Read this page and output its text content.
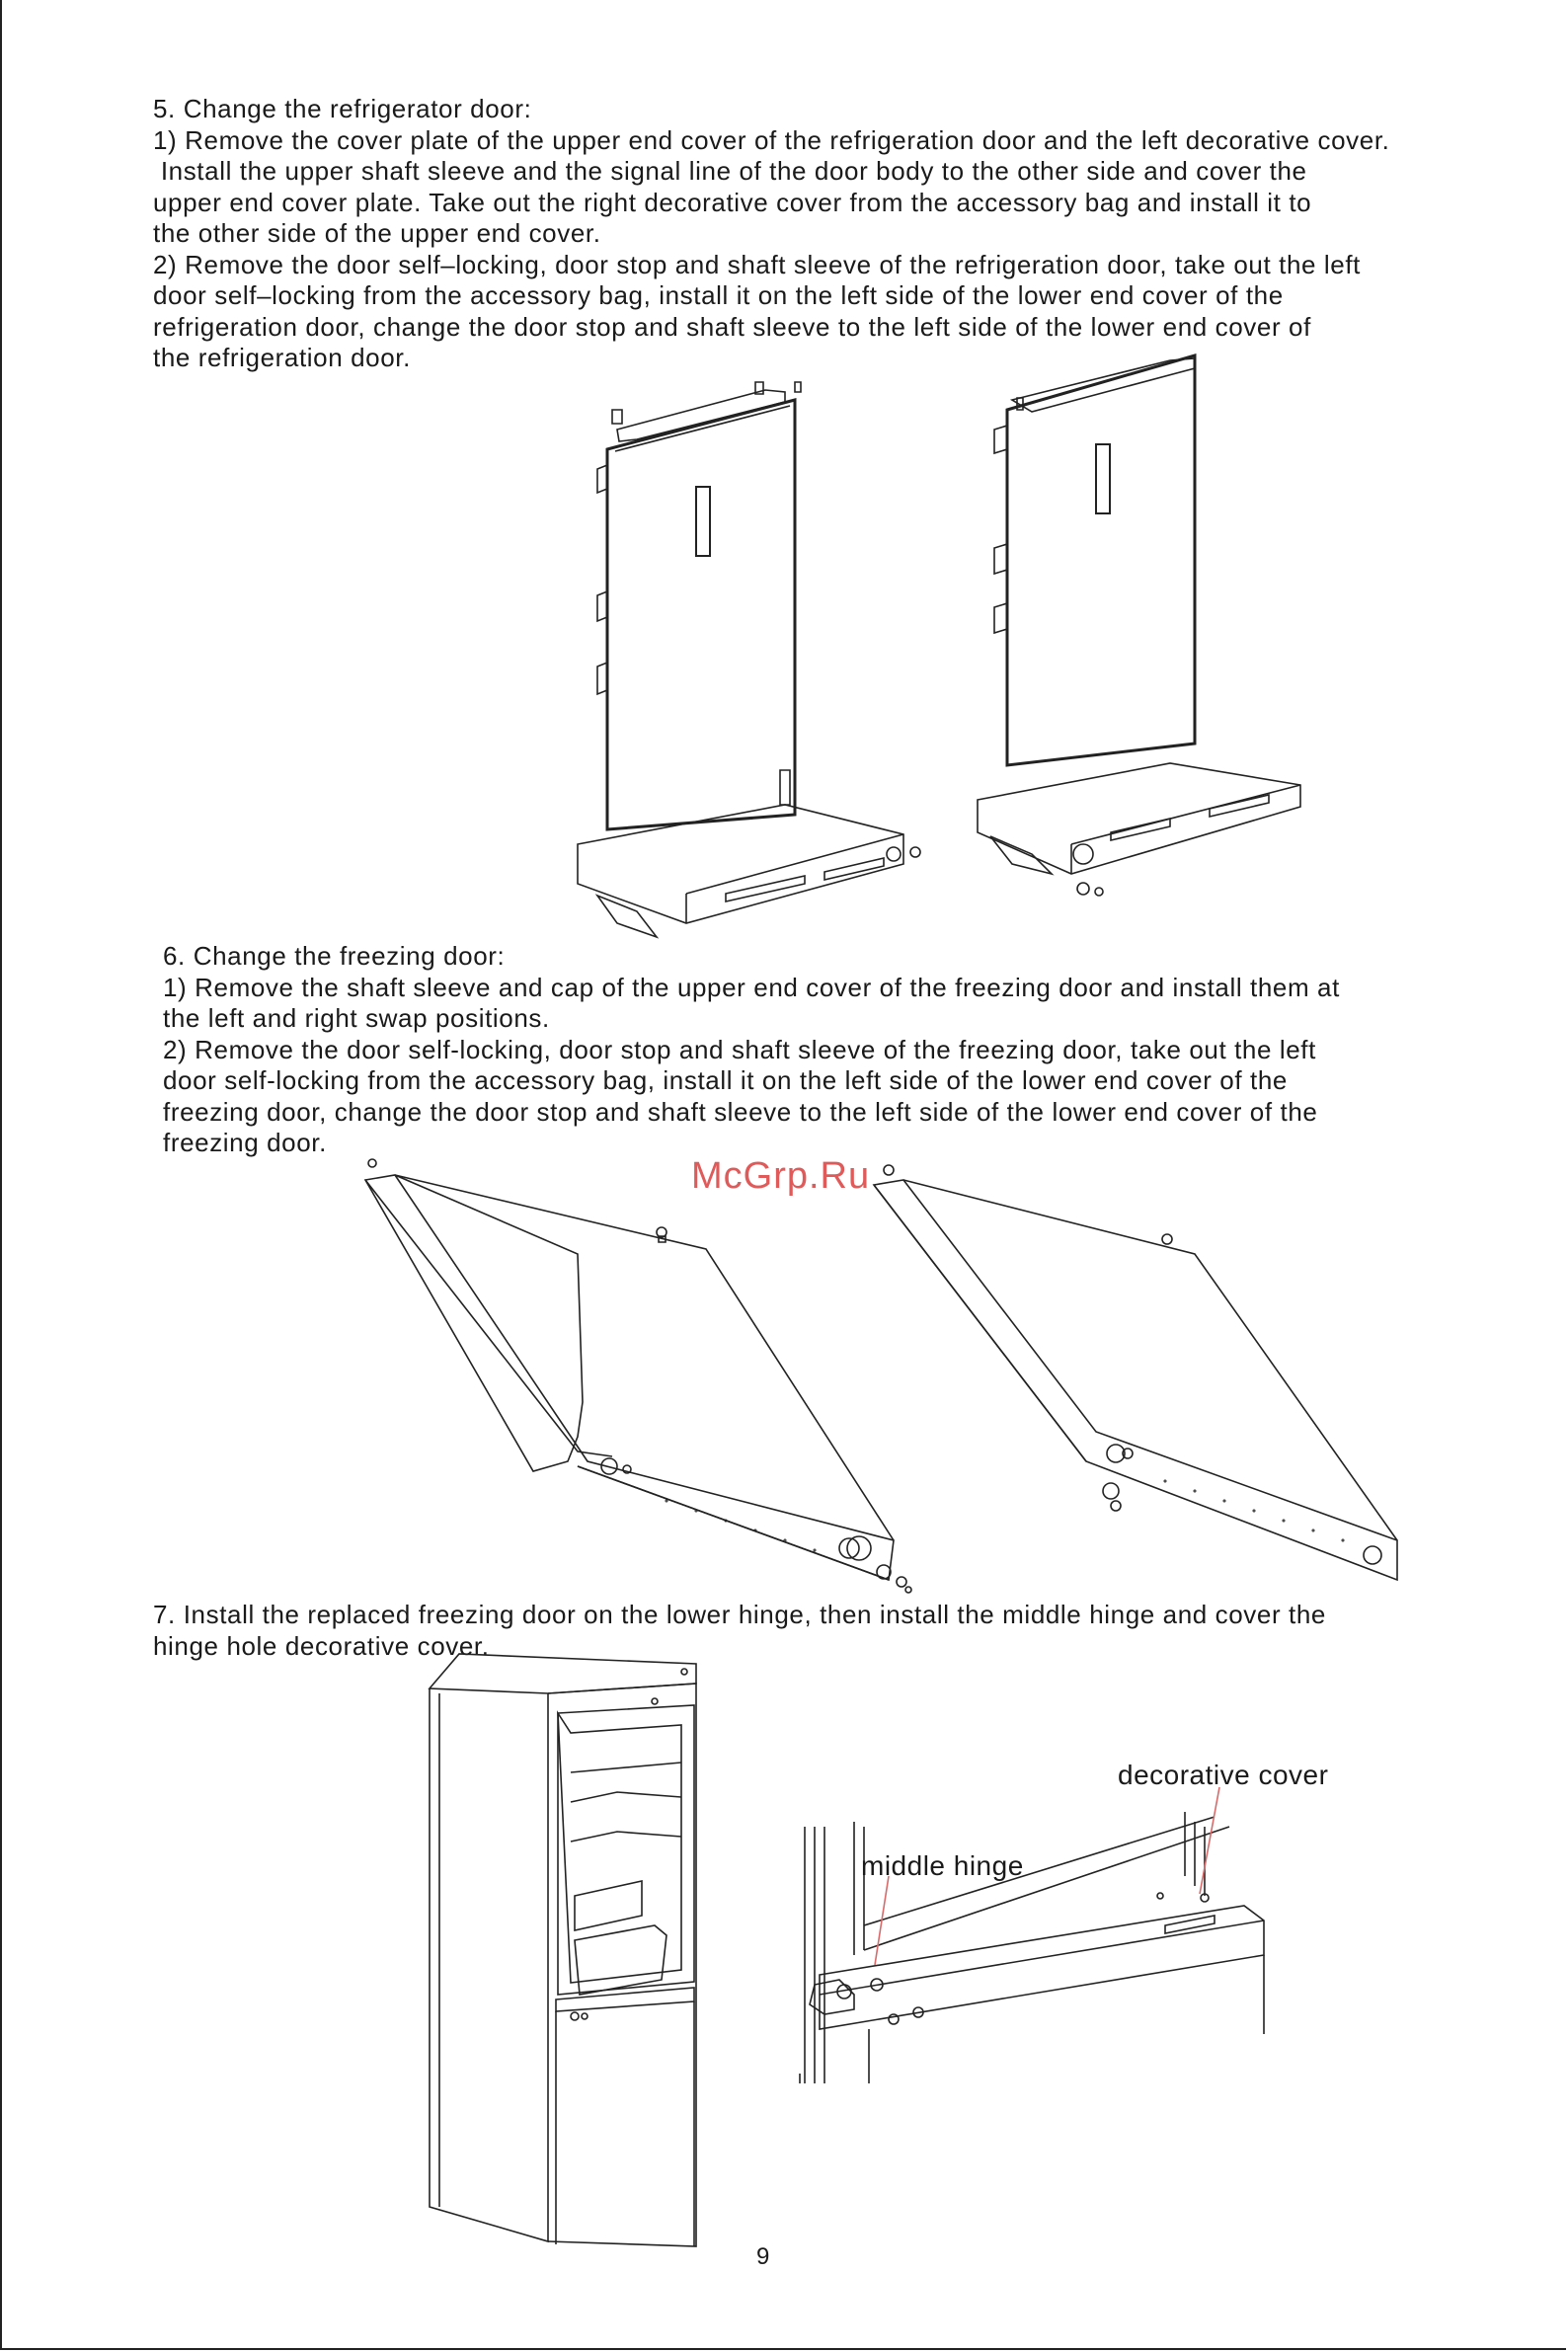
5. Change the refrigerator door:

1) Remove the cover plate of the upper end cover of the refrigeration door and the left decorative cover.

Install the upper shaft sleeve and the signal line of the door body to the other side and cover the

upper end cover plate. Take out the right decorative cover from the accessory bag and install it to

the other side of the upper end cover.

2) Remove the door self–locking, door stop and shaft sleeve of the refrigeration door, take out the left

door self–locking from the accessory bag, install it on the left side of the lower end cover of the

refrigeration door, change the door stop and shaft sleeve to the left side of the lower end cover of

the refrigeration door.

6. Change the freezing door:

1) Remove the shaft sleeve and cap of the upper end cover of the freezing door and install them at

the left and right swap positions.

2) Remove the door self-locking, door stop and shaft sleeve of the freezing door, take out the left

door self-locking from the accessory bag, install it on the left side of the lower end cover of the

freezing door, change the door stop and shaft sleeve to the left side of the lower end cover of the

freezing door.

McGrp.Ru

7. Install the replaced freezing door on the lower hinge, then install the middle hinge and cover the

hinge hole decorative cover.

decorative cover
middle hinge
9
